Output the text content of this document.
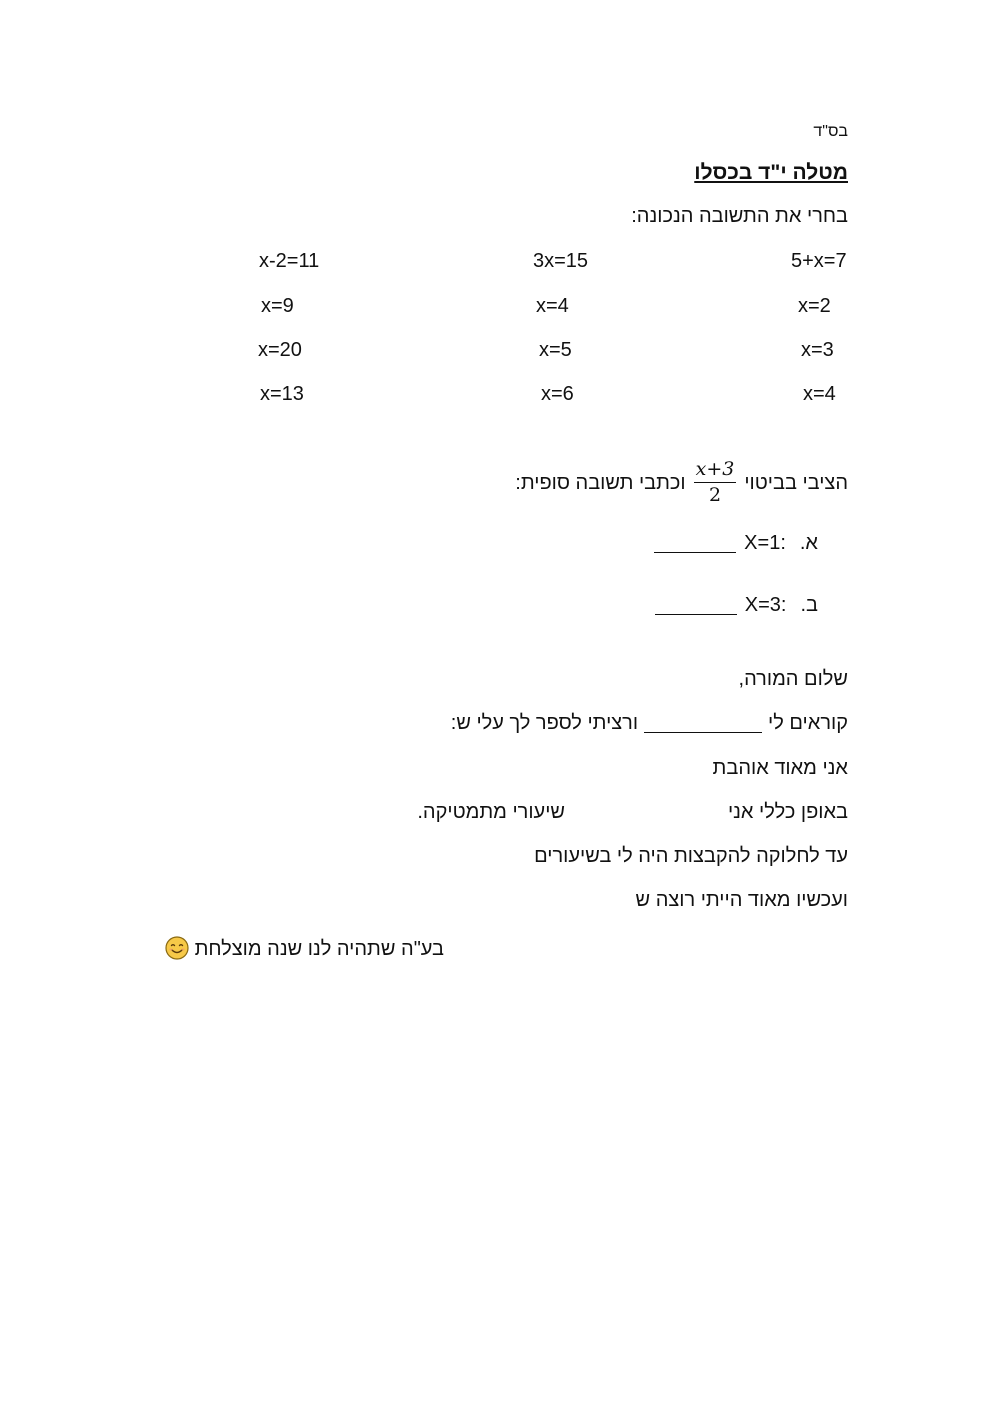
בס"ד
מטלה י"ד בכסלו
בחרי את התשובה הנכונה:
5+x=7
x=2
x=3
x=4
3x=15
x=4
x=5
x=6
x-2=11
x=9
x=20
x=13
הציבי בביטוי
$\frac{x+3}{2}$
וכתבי תשובה סופית:
א.
X=1:
ב.
X=3:
שלום המורה,
קוראים לי
ורציתי לספר לך עלי ש:
אני מאוד אוהבת
באופן כללי אני
שיעורי מתמטיקה.
עד לחלוקה להקבצות היה לי בשיעורים
ועכשיו מאוד הייתי רוצה ש
בע"ה שתהיה לנו שנה מוצלחת
